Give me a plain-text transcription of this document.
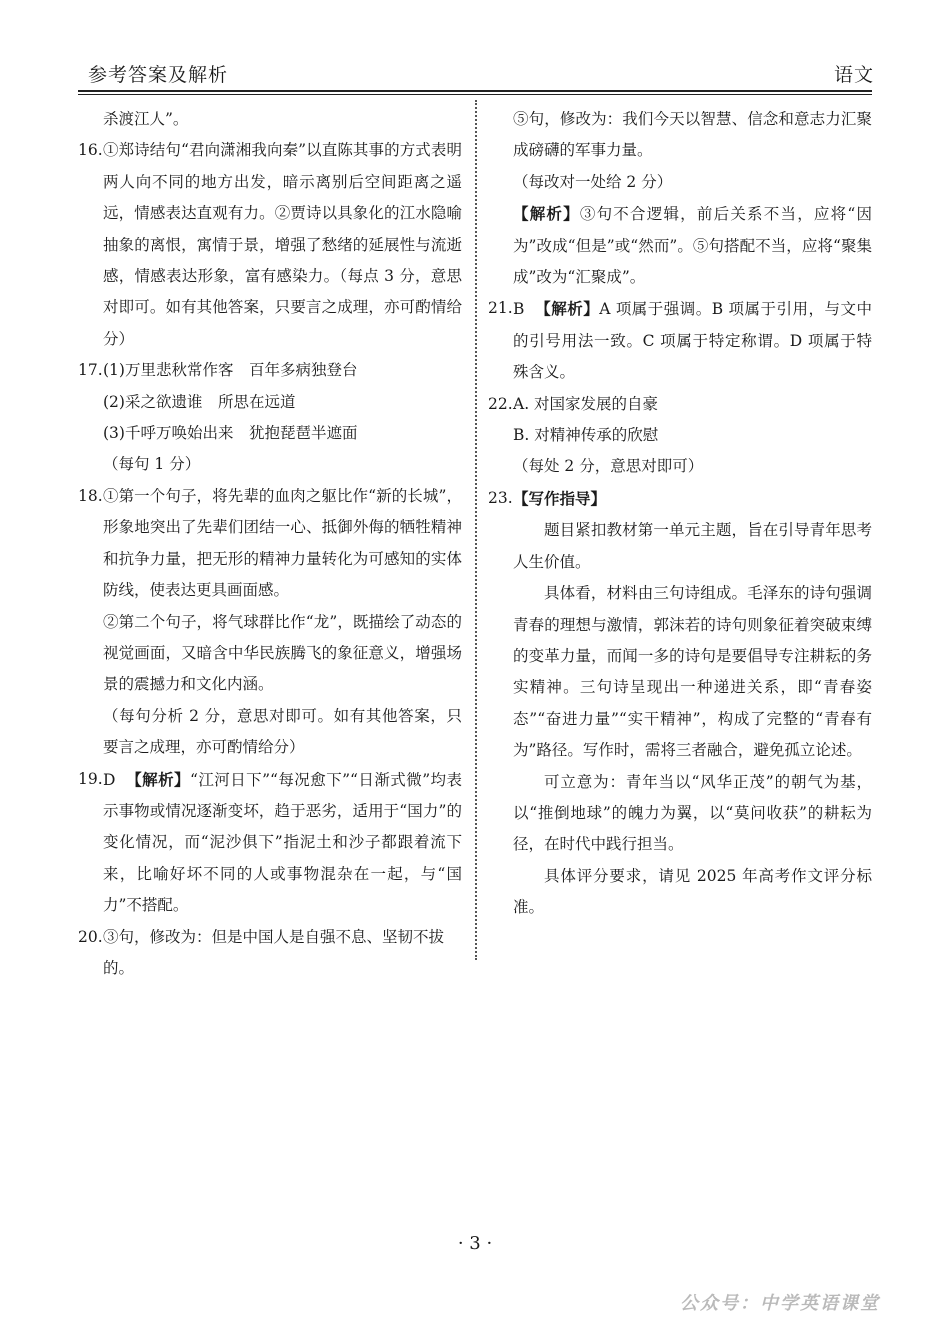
参考答案及解析	语文
杀渡江人”。
16. ①郑诗结句“君向潇湘我向秦”以直陈其事的方式表明两人向不同的地方出发，暗示离别后空间距离之遥远，情感表达直观有力。②贾诗以具象化的江水隐喻抽象的离恨，寓情于景，增强了愁绪的延展性与流逝感，情感表达形象，富有感染力。（每点 3 分，意思对即可。如有其他答案，只要言之成理，亦可酌情给分）
17. (1)万里悲秋常作客　百年多病独登台
(2)采之欲遗谁　所思在远道
(3)千呼万唤始出来　犹抱琵琶半遮面
（每句 1 分）
18. ①第一个句子，将先辈的血肉之躯比作“新的长城”，形象地突出了先辈们团结一心、抵御外侮的牺牲精神和抗争力量，把无形的精神力量转化为可感知的实体防线，使表达更具画面感。
②第二个句子，将气球群比作“龙”，既描绘了动态的视觉画面，又暗含中华民族腾飞的象征意义，增强场景的震撼力和文化内涵。
（每句分析 2 分，意思对即可。如有其他答案，只要言之成理，亦可酌情给分）
19. D 【解析】“江河日下”“每况愈下”“日渐式微”均表示事物或情况逐渐变坏，趋于恶劣，适用于“国力”的变化情况，而“泥沙俱下”指泥土和沙子都跟着流下来，比喻好坏不同的人或事物混杂在一起，与“国力”不搭配。
20. ③句，修改为：但是中国人是自强不息、坚韧不拔的。
⑤句，修改为：我们今天以智慧、信念和意志力汇聚成磅礴的军事力量。
（每改对一处给 2 分）
【解析】③句不合逻辑，前后关系不当，应将“因为”改成“但是”或“然而”。⑤句搭配不当，应将“聚集成”改为“汇聚成”。
21. B 【解析】A 项属于强调。B 项属于引用，与文中的引号用法一致。C 项属于特定称谓。D 项属于特殊含义。
22. A. 对国家发展的自豪
B. 对精神传承的欣慰
（每处 2 分，意思对即可）
23. 【写作指导】
题目紧扣教材第一单元主题，旨在引导青年思考人生价值。
具体看，材料由三句诗组成。毛泽东的诗句强调青春的理想与激情，郭沫若的诗句则象征着突破束缚的变革力量，而闻一多的诗句是要倡导专注耕耘的务实精神。三句诗呈现出一种递进关系，即“青春姿态”“奋进力量”“实干精神”，构成了完整的“青春有为”路径。写作时，需将三者融合，避免孤立论述。
可立意为：青年当以“风华正茂”的朝气为基，以“推倒地球”的魄力为翼，以“莫问收获”的耕耘为径，在时代中践行担当。
具体评分要求，请见 2025 年高考作文评分标准。
· 3 ·
公众号：中学英语课堂
